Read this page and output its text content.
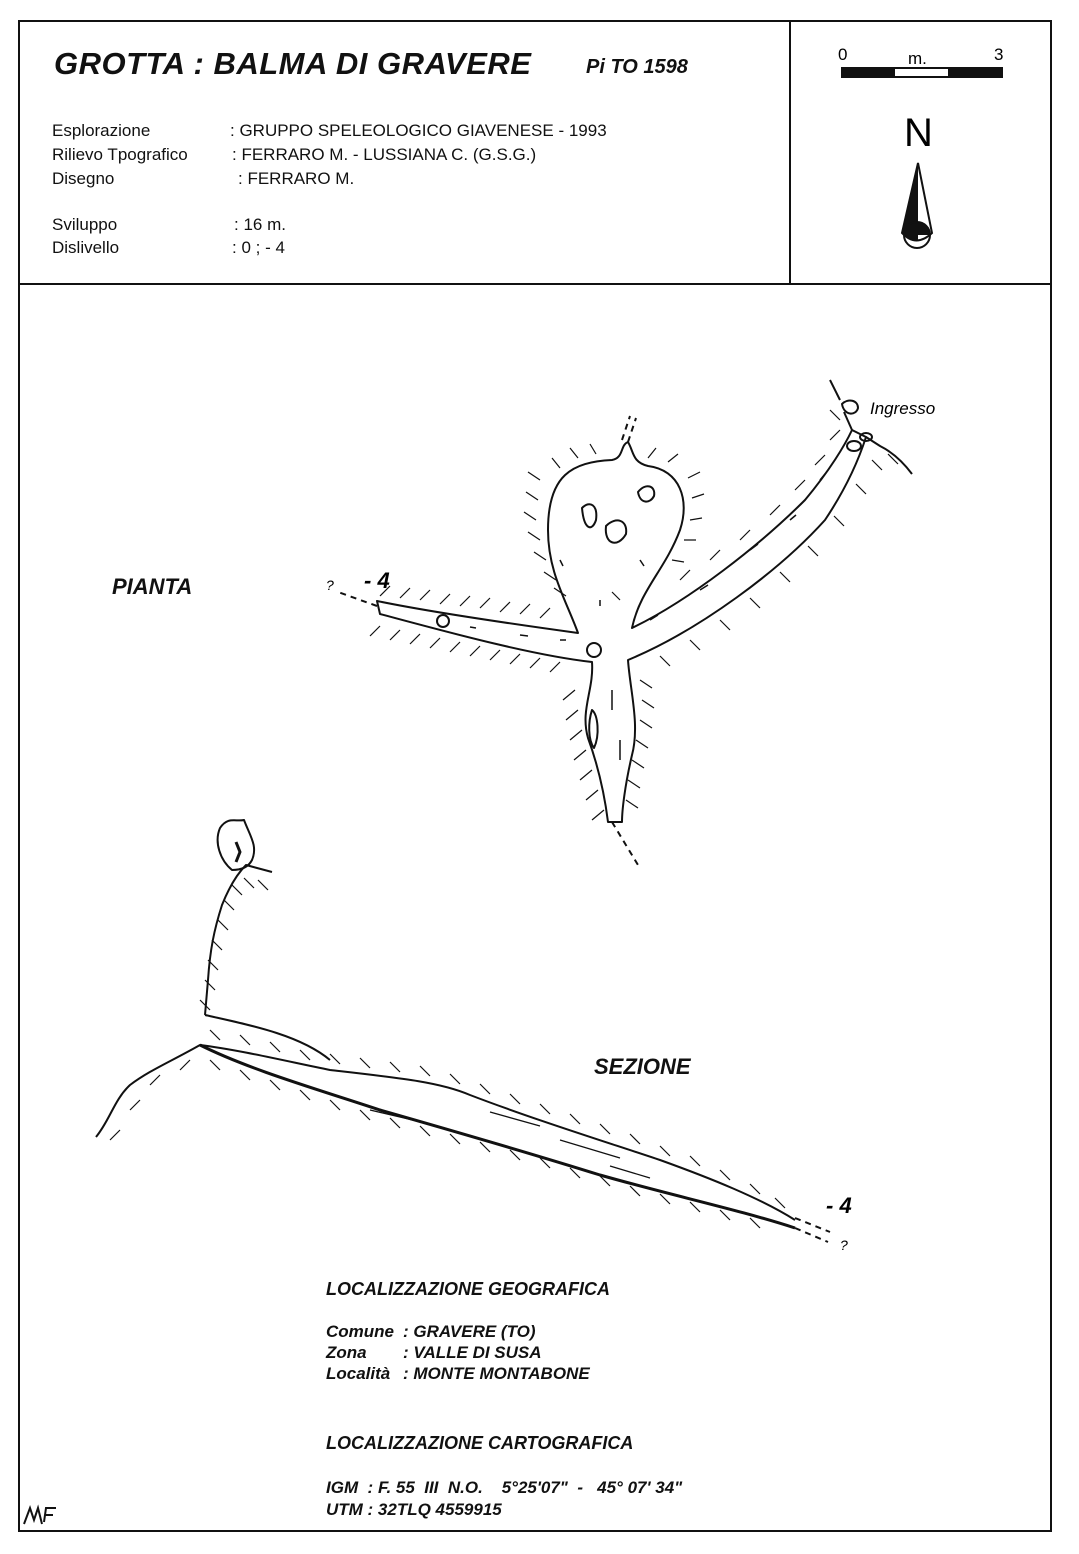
GROTTA : BALMA DI GRAVERE	Pi TO 1598
Esplorazione	: GRUPPO SPELEOLOGICO GIAVENESE - 1993
Rilievo Tpografico	: FERRARO M. - LUSSIANA C. (G.S.G.)
Disegno	: FERRARO M.
Sviluppo	: 16 m.
Dislivello	: 0 ; - 4
0	m.	3
N
PIANTA
SEZIONE
Ingresso
- 4
?
- 4
?
LOCALIZZAZIONE GEOGRAFICA
Comune : GRAVERE (TO)
Zona : VALLE DI SUSA
Località : MONTE MONTABONE
LOCALIZZAZIONE CARTOGRAFICA
IGM  : F. 55  III  N.O.    5°25'07"  -   45° 07' 34"
UTM : 32TLQ 4559915
